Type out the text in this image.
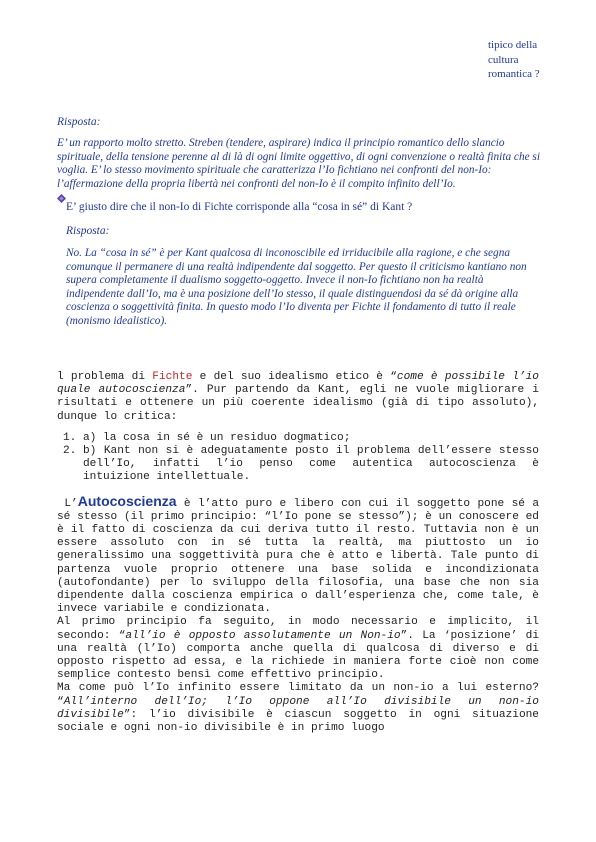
tipico della cultura romantica ?
Risposta:

E’ un rapporto molto stretto. Streben (tendere, aspirare) indica il principio romantico dello slancio spirituale, della tensione perenne al di là di ogni limite oggettivo, di ogni convenzione o realtà finita che si voglia. E’ lo stesso movimento spirituale che caratterizza l’Io fichtiano nei confronti del non-Io: l’affermazione della propria libertà nei confronti del non-Io è il compito infinito dell’Io.

E’ giusto dire che il non-Io di Fichte corrisponde alla “cosa in sé” di Kant ?
Risposta:

No. La “cosa in sé” è per Kant qualcosa di inconoscibile ed irriducibile alla ragione, e che segna comunque il permanere di una realtà indipendente dal soggetto. Per questo il criticismo kantiano non supera completamente il dualismo soggetto-oggetto. Invece il non-Io fichtiano non ha realtà indipendente dall’Io, ma è una posizione dell’Io stesso, il quale distinguendosi da sé dà origine alla coscienza o soggettività finita. In questo modo l’Io diventa per Fichte il fondamento di tutto il reale (monismo idealistico).

l problema di Fichte e del suo idealismo etico è “come è possibile l’io quale autocoscienza”. Pur partendo da Kant, egli ne vuole migliorare i risultati e ottenere un più coerente idealismo (già di tipo assoluto), dunque lo critica:

1. a) la cosa in sé è un residuo dogmatico;
2. b) Kant non si è adeguatamente posto il problema dell’essere stesso dell’Io, infatti l’io penso come autentica autocoscienza è intuizione intellettuale.

L’Autocoscienza è l’atto puro e libero con cui il soggetto pone sé a sé stesso (il primo principio: “l’Io pone se stesso”); è un conoscere ed è il fatto di coscienza da cui deriva tutto il resto. Tuttavia non è un essere assoluto con in sé tutta la realtà, ma piuttosto un io generalissimo una soggettività pura che è atto e libertà. Tale punto di partenza vuole proprio ottenere una base solida e incondizionata (autofondante) per lo sviluppo della filosofia, una base che non sia dipendente dalla coscienza empirica o dall’esperienza che, come tale, è invece variabile e condizionata.

Al primo principio fa seguito, in modo necessario e implicito, il secondo: “all’io è opposto assolutamente un Non-io”. La ‘posizione’ di una realtà (l’Io) comporta anche quella di qualcosa di diverso e di opposto rispetto ad essa, e la richiede in maniera forte cioè non come semplice contesto bensì come effettivo principio.

Ma come può l’Io infinito essere limitato da un non-io a lui esterno? “All’interno dell’Io; l’Io oppone all’Io divisibile un non-io divisibile”: l’io divisibile è ciascun soggetto in ogni situazione sociale e ogni non-io divisibile è in primo luogo
